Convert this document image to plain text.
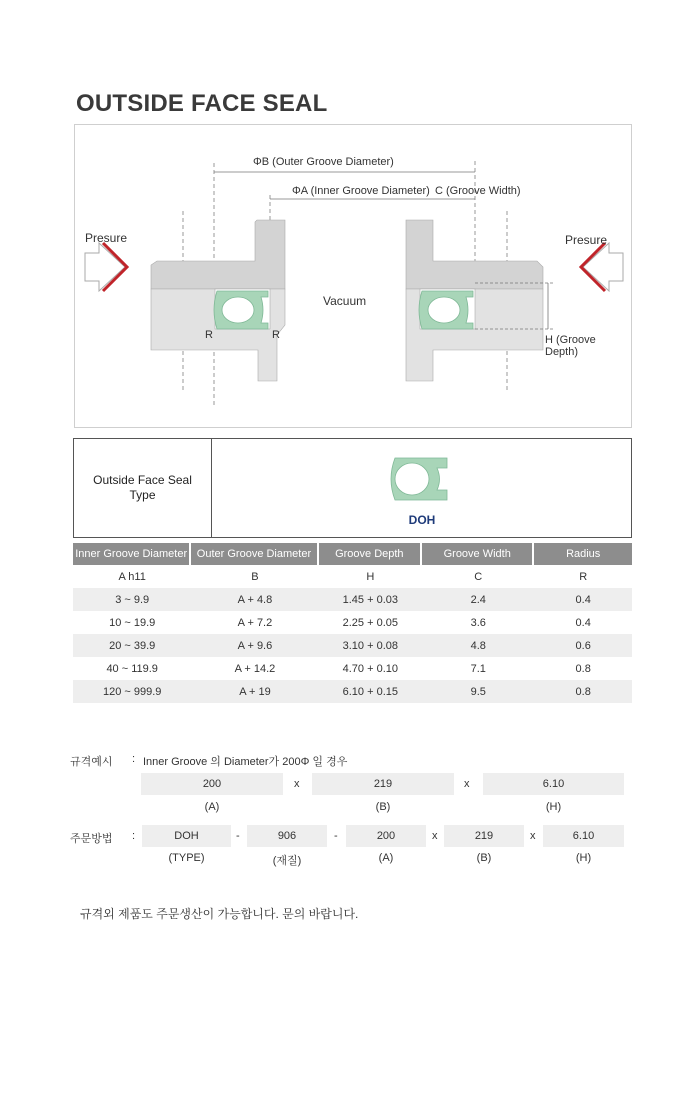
OUTSIDE FACE SEAL
ΦB (Outer Groove Diameter)
ΦA (Inner Groove Diameter) C (Groove Width)
Presure	Presure
Vacuum
H (Groove Depth)
R	R
Outside Face Seal
Type
DOH
Inner Groove Diameter	Outer Groove Diameter	Groove Depth	Groove Width	Radius
A h11	B	H	C	R
3 ~ 9.9	A + 4.8	1.45 + 0.03	2.4	0.4
10 ~ 19.9	A + 7.2	2.25 + 0.05	3.6	0.4
20 ~ 39.9	A + 9.6	3.10 + 0.08	4.8	0.6
40 ~ 119.9	A + 14.2	4.70 + 0.10	7.1	0.8
120 ~ 999.9	A + 19	6.10 + 0.15	9.5	0.8
규격예시 : Inner Groove 의 Diameter가 200Φ 일 경우
200	x	219	x	6.10
(A)	(B)	(H)
주문방법 :	DOH	-	906	-	200	x	219	x	6.10
(TYPE)	(재질)	(A)	(B)	(H)
규격외 제품도 주문생산이 가능합니다. 문의 바랍니다.
